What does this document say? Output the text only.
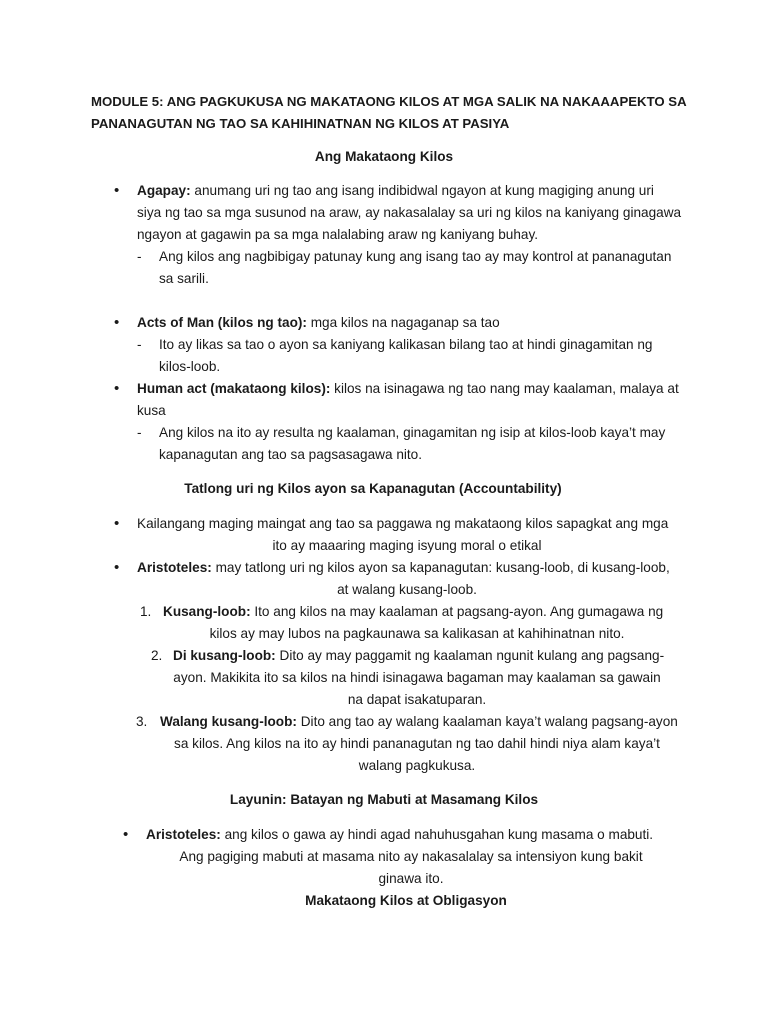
MODULE 5: ANG PAGKUKUSA NG MAKATAONG KILOS AT MGA SALIK NA NAKAAAPEKTO SA
PANANAGUTAN NG TAO SA KAHIHINATNAN NG KILOS AT PASIYA
Ang Makataong Kilos
• Agapay: anumang uri ng tao ang isang indibidwal ngayon at kung magiging anung uri
siya ng tao sa mga susunod na araw, ay nakasalalay sa uri ng kilos na kaniyang ginagawa
ngayon at gagawin pa sa mga nalalabing araw ng kaniyang buhay.
- Ang kilos ang nagbibigay patunay kung ang isang tao ay may kontrol at pananagutan
sa sarili.
• Acts of Man (kilos ng tao): mga kilos na nagaganap sa tao
- Ito ay likas sa tao o ayon sa kaniyang kalikasan bilang tao at hindi ginagamitan ng
kilos-loob.
• Human act (makataong kilos): kilos na isinagawa ng tao nang may kaalaman, malaya at
kusa
- Ang kilos na ito ay resulta ng kaalaman, ginagamitan ng isip at kilos-loob kaya’t may
kapanagutan ang tao sa pagsasagawa nito.
Tatlong uri ng Kilos ayon sa Kapanagutan (Accountability)
• Kailangang maging maingat ang tao sa paggawa ng makataong kilos sapagkat ang mga
ito ay maaaring maging isyung moral o etikal
• Aristoteles: may tatlong uri ng kilos ayon sa kapanagutan: kusang-loob, di kusang-loob,
at walang kusang-loob.
1. Kusang-loob: Ito ang kilos na may kaalaman at pagsang-ayon. Ang gumagawa ng
kilos ay may lubos na pagkaunawa sa kalikasan at kahihinatnan nito.
2. Di kusang-loob: Dito ay may paggamit ng kaalaman ngunit kulang ang pagsang-
ayon. Makikita ito sa kilos na hindi isinagawa bagaman may kaalaman sa gawain
na dapat isakatuparan.
3. Walang kusang-loob: Dito ang tao ay walang kaalaman kaya’t walang pagsang-ayon
sa kilos. Ang kilos na ito ay hindi pananagutan ng tao dahil hindi niya alam kaya’t
walang pagkukusa.
Layunin: Batayan ng Mabuti at Masamang Kilos
• Aristoteles: ang kilos o gawa ay hindi agad nahuhusgahan kung masama o mabuti.
Ang pagiging mabuti at masama nito ay nakasalalay sa intensiyon kung bakit
ginawa ito.
Makataong Kilos at Obligasyon
